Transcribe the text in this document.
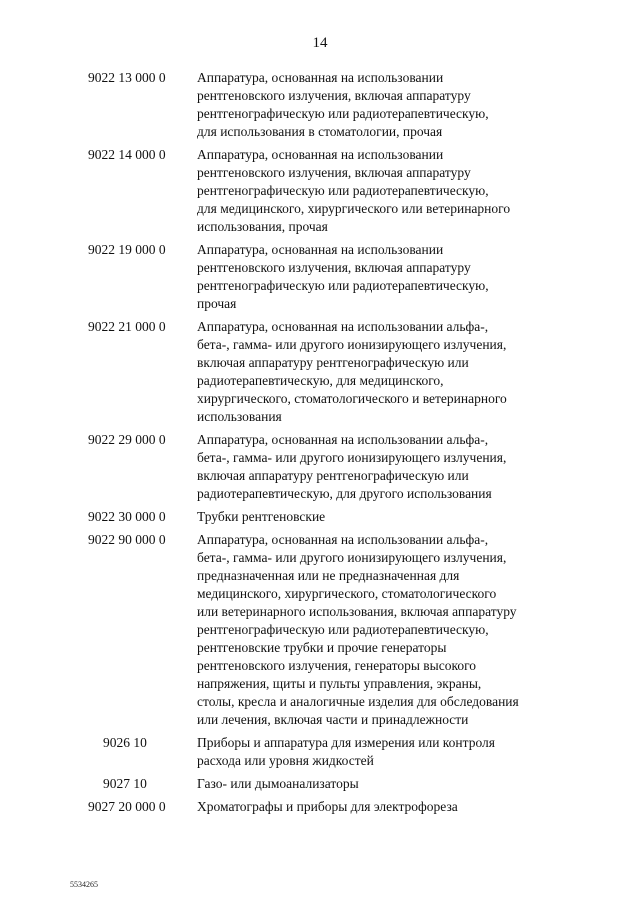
14
9022 13 000 0	Аппаратура, основанная на использовании
рентгеновского излучения, включая аппаратуру
рентгенографическую или радиотерапевтическую,
для использования в стоматологии, прочая
9022 14 000 0	Аппаратура, основанная на использовании
рентгеновского излучения, включая аппаратуру
рентгенографическую или радиотерапевтическую,
для медицинского, хирургического или ветеринарного
использования, прочая
9022 19 000 0	Аппаратура, основанная на использовании
рентгеновского излучения, включая аппаратуру
рентгенографическую или радиотерапевтическую,
прочая
9022 21 000 0	Аппаратура, основанная на использовании альфа-,
бета-, гамма- или другого ионизирующего излучения,
включая аппаратуру рентгенографическую или
радиотерапевтическую, для медицинского,
хирургического, стоматологического и ветеринарного
использования
9022 29 000 0	Аппаратура, основанная на использовании альфа-,
бета-, гамма- или другого ионизирующего излучения,
включая аппаратуру рентгенографическую или
радиотерапевтическую, для другого использования
9022 30 000 0	Трубки рентгеновские
9022 90 000 0	Аппаратура, основанная на использовании альфа-,
бета-, гамма- или другого ионизирующего излучения,
предназначенная или не предназначенная для
медицинского, хирургического, стоматологического
или ветеринарного использования, включая аппаратуру
рентгенографическую или радиотерапевтическую,
рентгеновские трубки и прочие генераторы
рентгеновского излучения, генераторы высокого
напряжения, щиты и пульты управления, экраны,
столы, кресла и аналогичные изделия для обследования
или лечения, включая части и принадлежности
9026 10	Приборы и аппаратура для измерения или контроля
расхода или уровня жидкостей
9027 10	Газо- или дымоанализаторы
9027 20 000 0	Хроматографы и приборы для электрофореза
5534265
